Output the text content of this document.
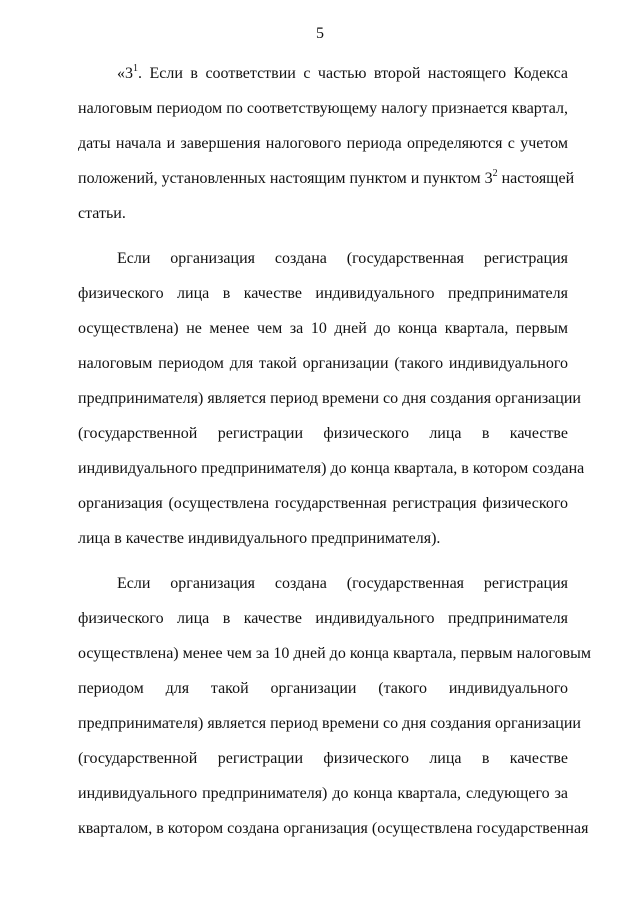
5
«$3^1$. Если в соответствии с частью второй настоящего Кодекса
налоговым периодом по соответствующему налогу признается квартал,
даты начала и завершения налогового периода определяются с учетом
положений, установленных настоящим пунктом и пунктом $3^2$ настоящей
статьи.
Если организация создана (государственная регистрация
физического лица в качестве индивидуального предпринимателя
осуществлена) не менее чем за 10 дней до конца квартала, первым
налоговым периодом для такой организации (такого индивидуального
предпринимателя) является период времени со дня создания организации
(государственной регистрации физического лица в качестве
индивидуального предпринимателя) до конца квартала, в котором создана
организация (осуществлена государственная регистрация физического
лица в качестве индивидуального предпринимателя).
Если организация создана (государственная регистрация
физического лица в качестве индивидуального предпринимателя
осуществлена) менее чем за 10 дней до конца квартала, первым налоговым
периодом для такой организации (такого индивидуального
предпринимателя) является период времени со дня создания организации
(государственной регистрации физического лица в качестве
индивидуального предпринимателя) до конца квартала, следующего за
кварталом, в котором создана организация (осуществлена государственная
